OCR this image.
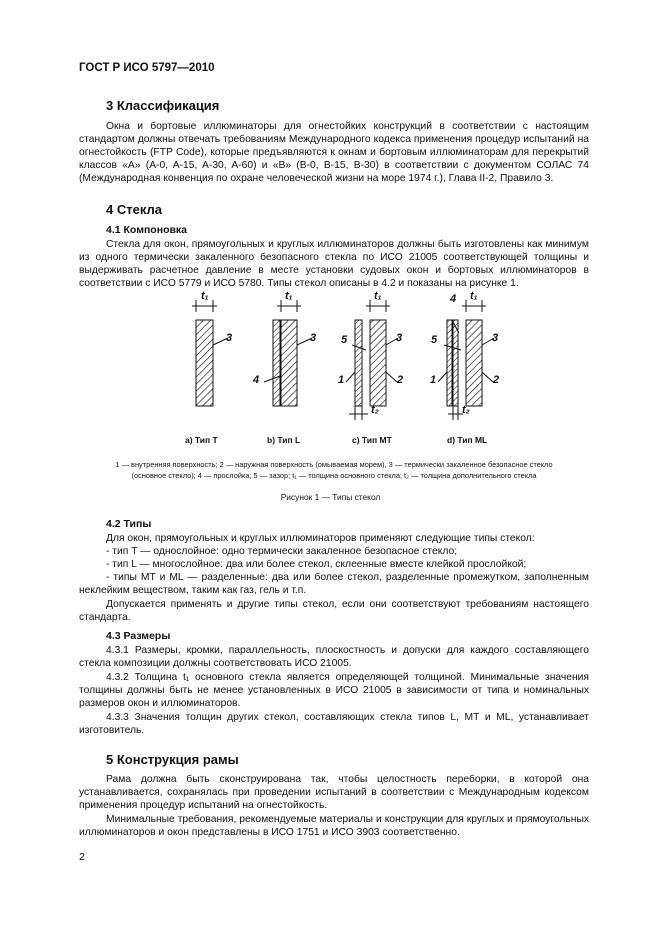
ГОСТ Р ИСО 5797—2010
3 Классификация
Окна и бортовые иллюминаторы для огнестойких конструкций в соответствии с настоящим стандартом должны отвечать требованиям Международного кодекса применения процедур испытаний на огнестойкость (FTP Code), которые предъявляются к окнам и бортовым иллюминаторам для перекрытий классов «A» (A-0, A-15, A-30, A-60) и «B» (B-0, B-15, B-30) в соответствии с документом СОЛАС 74 (Международная конвенция по охране человеческой жизни на море 1974 г.), Глава II-2, Правило 3.
4 Стекла
4.1 Компоновка
Стекла для окон, прямоугольных и круглых иллюминаторов должны быть изготовлены как минимум из одного термически закаленного безопасного стекла по ИСО 21005 соответствующей толщины и выдерживать расчетное давление в месте установки судовых окон и бортовых иллюминаторов в соответствии с ИСО 5779 и ИСО 5780. Типы стекол описаны в 4.2 и показаны на рисунке 1.
t₁
3
t₁
3
4
t₁
3
5
1	2
t₂
t₁
4
3
5
1	2
t₂
a) Тип T	b) Тип L	c) Тип MT	d) Тип ML
1 — внутренняя поверхность; 2 — наружная поверхность (омываемая морем), 3 — термически закаленное безопасное стекло
(основное стекло); 4 — прослойка; 5 — зазор; t₁ — толщина основного стекла; t₂ — толщина дополнительного стекла
Рисунок 1 — Типы стекол
4.2 Типы
Для окон, прямоугольных и круглых иллюминаторов применяют следующие типы стекол:
- тип T — однослойное: одно термически закаленное безопасное стекло;
- тип L — многослойное: два или более стекол, склеенные вместе клейкой прослойкой;
- типы MT и ML — разделенные: два или более стекол, разделенные промежутком, заполненным неклейким веществом, таким как газ, гель и т.п.
Допускается применять и другие типы стекол, если они соответствуют требованиям настоящего стандарта.
4.3 Размеры
4.3.1 Размеры, кромки, параллельность, плоскостность и допуски для каждого составляющего стекла композиции должны соответствовать ИСО 21005.
4.3.2 Толщина t₁ основного стекла является определяющей толщиной. Минимальные значения толщины должны быть не менее установленных в ИСО 21005 в зависимости от типа и номинальных размеров окон и иллюминаторов.
4.3.3 Значения толщин других стекол, составляющих стекла типов L, MT и ML, устанавливает изготовитель.
5 Конструкция рамы
Рама должна быть сконструирована так, чтобы целостность переборки, в которой она устанавливается, сохранялась при проведении испытаний в соответствии с Международным кодексом применения процедур испытаний на огнестойкость.
Минимальные требования, рекомендуемые материалы и конструкции для круглых и прямоугольных иллюминаторов и окон представлены в ИСО 1751 и ИСО 3903 соответственно.
2
